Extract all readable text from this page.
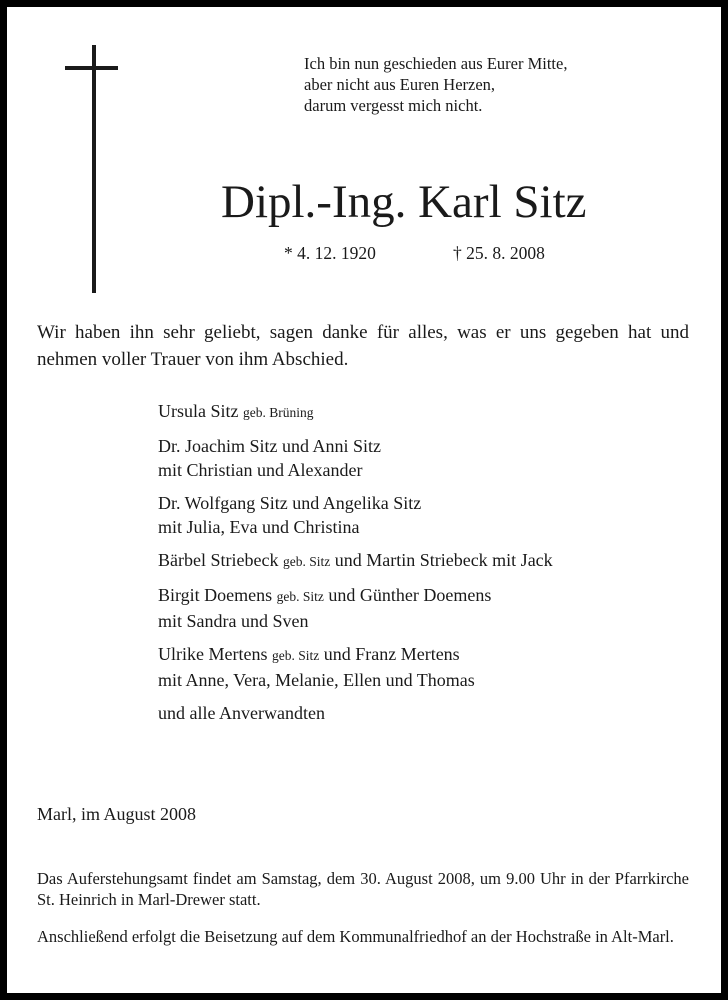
Ich bin nun geschieden aus Eurer Mitte,
aber nicht aus Euren Herzen,
darum vergesst mich nicht.
Dipl.-Ing. Karl Sitz
* 4. 12. 1920	† 25. 8. 2008
Wir haben ihn sehr geliebt, sagen danke für alles, was er uns gegeben hat und nehmen voller Trauer von ihm Abschied.
Ursula Sitz geb. Brüning
Dr. Joachim Sitz und Anni Sitz
mit Christian und Alexander
Dr. Wolfgang Sitz und Angelika Sitz
mit Julia, Eva und Christina
Bärbel Striebeck geb. Sitz und Martin Striebeck mit Jack
Birgit Doemens geb. Sitz und Günther Doemens
mit Sandra und Sven
Ulrike Mertens geb. Sitz und Franz Mertens
mit Anne, Vera, Melanie, Ellen und Thomas
und alle Anverwandten
Marl, im August 2008
Das Auferstehungsamt findet am Samstag, dem 30. August 2008, um 9.00 Uhr in der Pfarrkirche St. Heinrich in Marl-Drewer statt.
Anschließend erfolgt die Beisetzung auf dem Kommunalfriedhof an der Hochstraße in Alt-Marl.
